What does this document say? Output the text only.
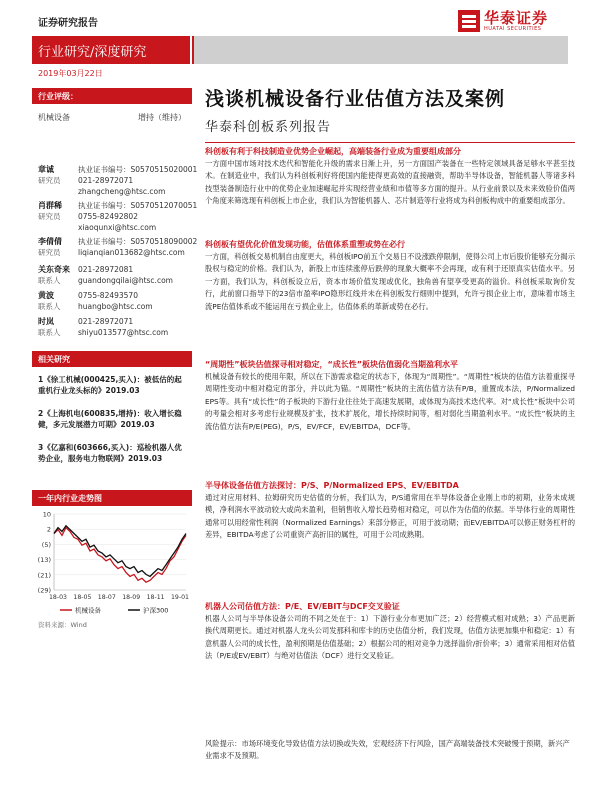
证券研究报告	华泰证券
HUATAI SECURITIES
行业研究/深度研究
2019年03月22日
行业评级：
机械设备	增持（维持）
章诚	执业证书编号：S0570515020001
研究员 021-28972071
zhangcheng@htsc.com
肖群稀 执业证书编号：S0570512070051
研究员 0755-82492802
xiaoqunxi@htsc.com
李倩倩 执业证书编号：S0570518090002
研究员 liqianqian013682@htsc.com
关东奇来 021-28972081
联系人 guandongqilai@htsc.com
黄波	0755-82493570
联系人 huangbo@htsc.com
时岚	021-28972071
联系人 shiyu013577@htsc.com
相关研究
1《徐工机械(000425,买入)：被低估的起重机行业龙头标的》2019.03
2《上海机电(600835,增持)：收入增长稳健，多元发展潜力可期》2019.03
3《亿嘉和(603666,买入)：巡检机器人优势企业，服务电力物联网》2019.03
一年内行业走势图
10
2
(5)
(13)
(21)
(29)
18-03 18-05 18-07 18-09 18-11 19-01
机械设备	沪深300
资料来源：Wind
浅谈机械设备行业估值方法及案例
华泰科创板系列报告
科创板有利于科技制造业优势企业崛起，高端装备行业成为重要组成部分

一方面中国市场对技术迭代和智能化升级的需求日渐上升，另一方面国产装备在一些特定领域具备足够水平甚至技术。在制造业中，我们认为科创板利好将使国内能使得更高效的直接融资，帮助半导体设备，智能机器人等诸多科技型装备制造行业中的优势企业加速崛起并实现经营业绩和市值等多方面的提升。从行业前景以及未来效验价值两个角度来筛选现有科创板上市企业，我们认为智能机器人、芯片制造等行业将成为科创板构成中的重要组成部分。

科创板有望优化价值发现功能，估值体系重塑或势在必行

一方面，科创板交易机制自由度更大，科创板IPO前五个交易日不设涨跌停限制，使得公司上市后股价能够充分揭示股权与稳定的价格。我们认为，新股上市连续涨停后跌停的现象大概率不会再现，或有利于还原真实估值水平。另一方面，我们认为，科创板设立后，资本市场价值发现或优化，独角兽有望享受更高的溢价。科创板采取询价发行，此前窗口指导下的23倍市盈率IPO隐形红线并未在科创板发行细则中提到，允许亏损企业上市，意味着市场主流PE估值体系或不能运用在亏损企业上，估值体系的革新或势在必行。

“周期性”板块估值探寻相对稳定，“成长性”板块估值弱化当期盈利水平

机械设备有较长的使用年限，所以在下游需求稳定的状态下，体现为“周期性”。“周期性”板块的估值方法着重探寻周期性变动中相对稳定的部分，并以此为锚。“周期性”板块的主流估值方法有P/B，重置成本法，P/Normalized EPS等。具有“成长性”的子板块的下游行业往往处于高速发展期，或体现为高技术迭代率。对“成长性”板块中公司的考量会相对多考虑行业规模及扩张，技术扩展化，增长持续时间等，相对弱化当期盈利水平。“成长性”板块的主流估值方法有P/E(PEG)，P/S，EV/FCF，EV/EBITDA，DCF等。

半导体设备估值方法探讨：P/S、P/Normalized EPS、EV/EBITDA

通过对应用材料、拉姆研究历史估值的分析，我们认为，P/S通常用在半导体设备企业刚上市的初期，业务未成规模，净利润水平波动较大或尚未盈利，但销售收入增长趋势相对稳定，可以作为估值的依据。半导体行业的周期性通常可以用经常性利润（Normalized Earnings）来部分修正，可用于波动期；而EV/EBITDA可以修正财务杠杆的差异，EBITDA考虑了公司重资产高折旧的属性，可用于公司成熟期。

机器人公司估值方法：P/E、EV/EBIT与DCF交叉验证

机器人公司与半导体设备公司的不同之处在于：1）下游行业分布更加广泛；2）经营模式相对成熟；3）产品更新换代周期更长。通过对机器人龙头公司发那科和库卡的历史估值分析，我们发现，估值方法更加集中和稳定：1）有意机器人公司的成长性，盈利预期是估值基础；2）根据公司的相对竞争力选择溢价/折价率；3）通常采用相对估值法（P/E或EV/EBIT）与绝对估值法（DCF）进行交叉验证。

风险提示：市场环境变化导致估值方法切换或失效，宏观经济下行风险，国产高端装备技术突破慢于预期，新兴产业需求不及预期。
